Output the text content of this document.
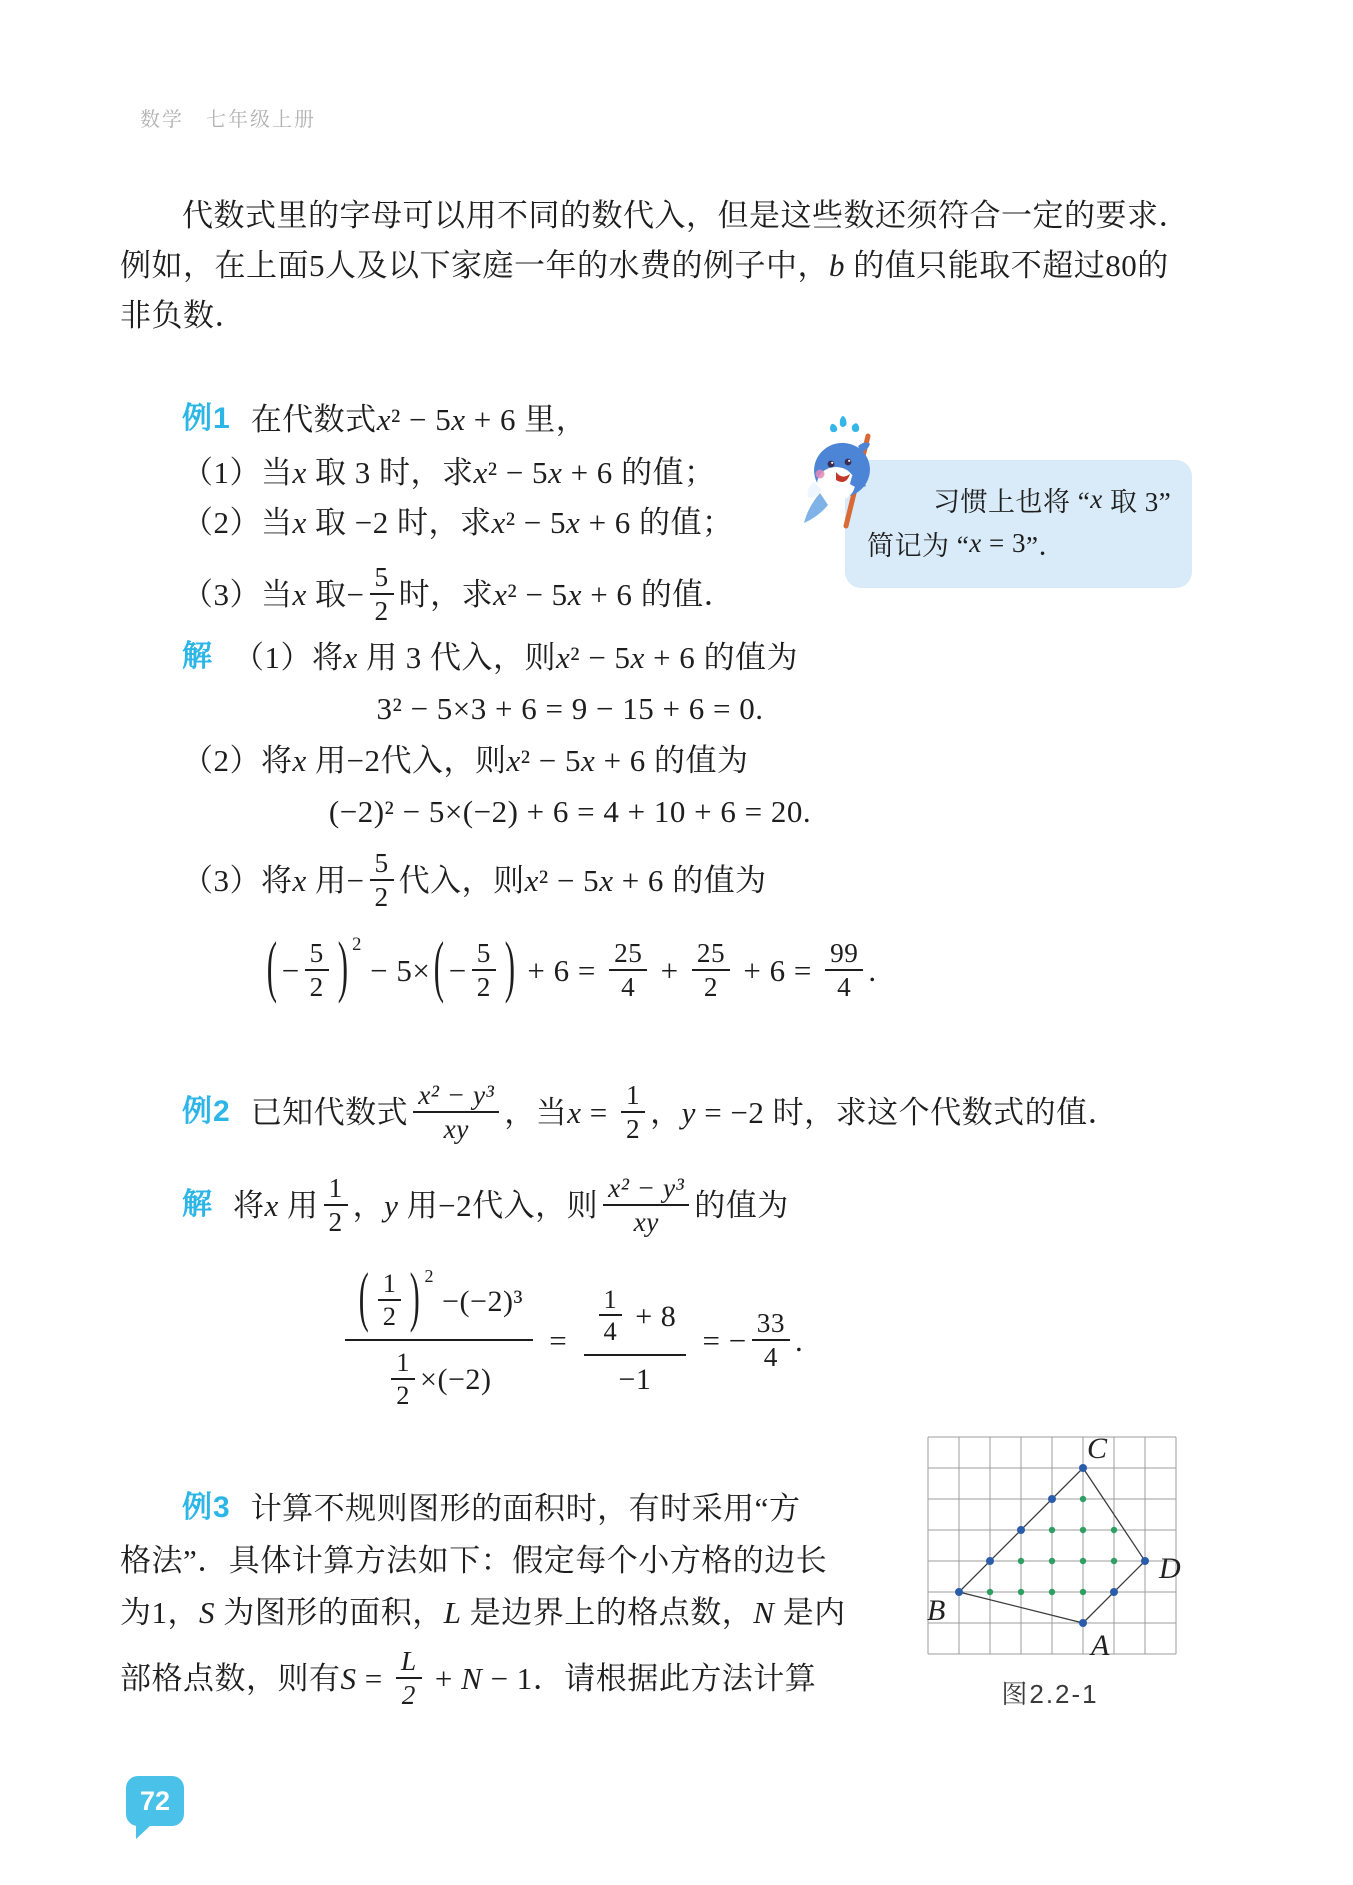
数学　七年级上册
代数式里的字母可以用不同的数代入，但是这些数还须符合一定的要求．
例如，在上面 5 人及以下家庭一年的水费的例子中， b 的值只能取不超过 80 的
非负数．
例1 在代数式 x ² − 5 x + 6 里，
（1）当 x 取 3 时，求 x ² − 5 x + 6 的值；
（2）当 x 取 −2 时，求 x ² − 5 x + 6 的值；
（3）当 x 取 − $\frac{5}{2}$ 时，求 x ² − 5 x + 6 的值．
解 （1）将 x 用 3 代入，则 x ² − 5 x + 6 的值为
3² − 5×3 + 6 = 9 − 15 + 6 = 0.
（2）将 x 用 −2 代入，则 x ² − 5 x + 6 的值为
(−2)² − 5×(−2) + 6 = 4 + 10 + 6 = 20.
（3）将 x 用 − $\frac{5}{2}$ 代入，则 x ² − 5 x + 6 的值为
( − $\frac{5}{2}$ ) 2
− 5× ( − $\frac{5}{2}$ ) + $6 = \frac{25}{4} + \frac{25}{2} + 6 = \frac{99}{4}$ .
习惯上也将 “ x 取 3”
简记为 “ x = 3 ”．
例2 已知代数式 $\frac{\text{x² − y³}}{xy}$ ，当 $x = \frac{1}{2}$ ， y = −2 时，求这个代数式的值．
解 将 x 用 $\frac{1}{2}$ ， y 用 −2 代入，则 $\frac{\text{x² − y³}}{xy}$ 的值为
( $\frac{1}{2}$ ) 2
−(−2)³
$\frac{1}{2} \times(-2) = \frac{\frac{1}{4} + 8}{-1}$ = − $\frac{33}{4}$ .
例3 计算不规则图形的面积时，有时采用“方
格法”．具体计算方法如下：假定每个小方格的边长
为 1 ， S 为图形的面积， L 是边界上的格点数， N 是内
部格点数，则有 $S = \frac{L}{2} + N - 1$ ．请根据此方法计算
C
D
A
B
图2.2-1
72
